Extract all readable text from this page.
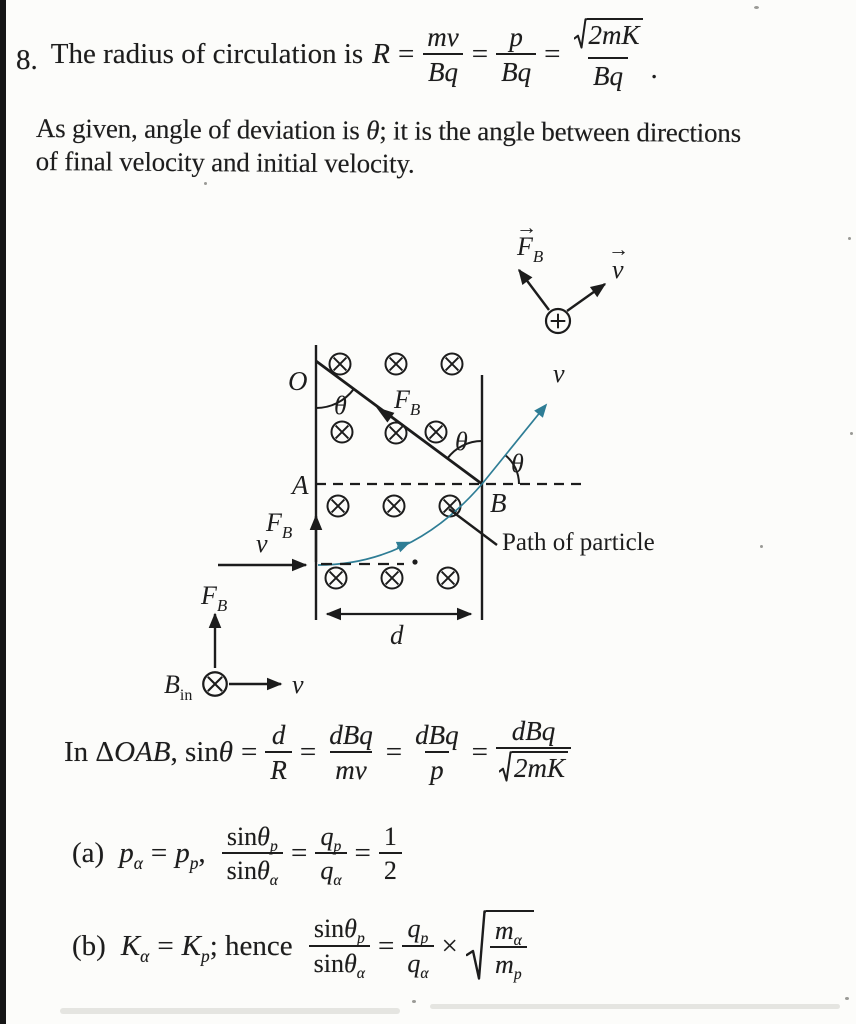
8. The radius of circulation is $R = \frac{mv}{Bq} = \frac{p}{Bq} = \frac{2mK}{Bq}$ .
As given, angle of deviation is θ; it is the angle between directions
of final velocity and initial velocity.
→
$F_B$	→
v
O
θ $F_B$
θ
θ
v
A
B
$F_B$
v	Path of particle
d
$F_B$
$B_{in}$	v
In Δ OAB , $\sin \theta = \frac{d}{R} = \frac{\text{dBq}}{mv} = \frac{\text{dBq}}{p} = \frac{\text{dBq}}{2mK}$
(a) $p_\alpha = p_p$ , $\frac{\sin\theta_p}{\sin\theta_\alpha} = \frac{q_p}{q_\alpha} = \frac{1}{2}$
(b) $K_\alpha = K_p$ ; hence $\frac{\sin\theta_p}{\sin\theta_\alpha} = \frac{q_p}{q_\alpha} \times \frac{m_\alpha}{m_p}$
